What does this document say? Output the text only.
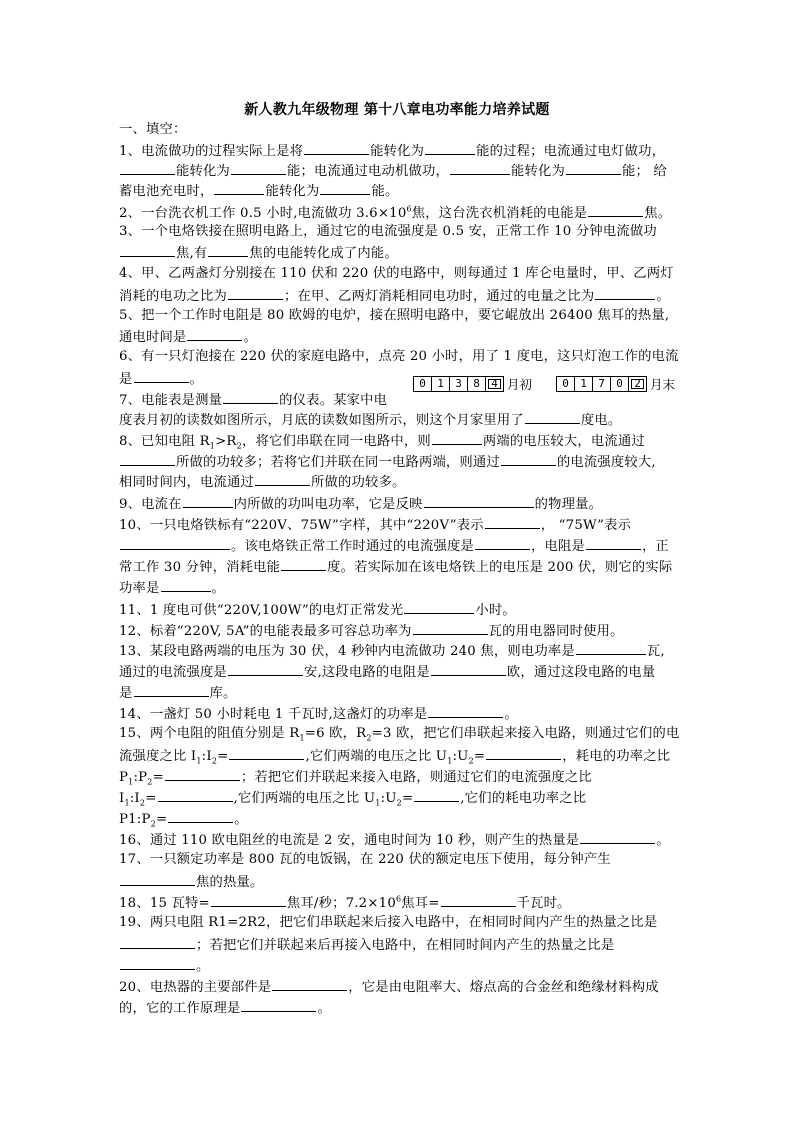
新人教九年级物理 第十八章电功率能力培养试题
一、填空：
1、电流做功的过程实际上是将	能转化为	能的过程；电流通过电灯做功，
能转化为	能；电流通过电动机做功，	能转化为	能； 给
蓄电池充电时，	能转化为	能。
2、一台洗衣机工作 0.5 小时,电流做功 $3.6\times 10^6$焦，这台洗衣机消耗的电能是	焦。
3、一个电烙铁接在照明电路上，通过它的电流强度是 0.5 安，正常工作 10 分钟电流做功
焦,有	焦的电能转化成了内能。
4、甲、乙两盏灯分别接在 110 伏和 220 伏的电路中，则每通过 1 库仑电量时，甲、乙两灯
消耗的电功之比为	；在甲、乙两灯消耗相同电功时，通过的电量之比为	。
5、把一个工作时电阻是 80 欧姆的电炉，接在照明电路中，要它崐放出 26400 焦耳的热量,
通电时间是	。
6、有一只灯泡接在 220 伏的家庭电路中，点亮 20 小时，用了 1 度电，这只灯泡工作的电流
是	。	0	1	3	8	4 月初	0	1	7	0	2 月末
7、电能表是测量	的仪表。某家中电
度表月初的读数如图所示，月底的读数如图所示，则这个月家里用了	度电。
8、已知电阻 $R_1>R_2$，将它们串联在同一电路中，则	两端的电压较大，电流通过
所做的功较多；若将它们并联在同一电路两端，则通过	的电流强度较大,
相同时间内，电流通过	所做的功较多。
9、电流在	内所做的功叫电功率，它是反映	的物理量。
10、一只电烙铁标有“220V、75W”字样，其中“220V”表示	， “75W”表示
。该电烙铁正常工作时通过的电流强度是	，电阻是	，正
常工作 30 分钟，消耗电能	度。若实际加在该电烙铁上的电压是 200 伏，则它的实际
功率是	。
11、1 度电可供“220V,100W”的电灯正常发光	小时。
12、标着“220V, 5A”的电能表最多可容总功率为	瓦的用电器同时使用。
13、某段电路两端的电压为 30 伏，4 秒钟内电流做功 240 焦，则电功率是	瓦,
通过的电流强度是	安,这段电路的电阻是	欧，通过这段电路的电量
是	库。
14、一盏灯 50 小时耗电 1 千瓦时,这盏灯的功率是	。
15、两个电阻的阻值分别是 $R_1=6$ 欧，$R_2=3$ 欧，把它们串联起来接入电路，则通过它们的电
流强度之比 $I_1:I_2=$	,它们两端的电压之比 $U_1:U_2=$	，耗电的功率之比
$P_1:P_2=$	；若把它们并联起来接入电路，则通过它们的电流强度之比
$I_1:I_2=$	,它们两端的电压之比 $U_1:U_2=$	,它们的耗电功率之比
$P1:P_2=$	。
16、通过 110 欧电阻丝的电流是 2 安，通电时间为 10 秒，则产生的热量是	。
17、一只额定功率是 800 瓦的电饭锅，在 220 伏的额定电压下使用，每分钟产生
焦的热量。
18、15 瓦特=	焦耳/秒；$7.2\times 10^6$焦耳=	千瓦时。
19、两只电阻 R1=2R2，把它们串联起来后接入电路中，在相同时间内产生的热量之比是
；若把它们并联起来后再接入电路中，在相同时间内产生的热量之比是
。
20、电热器的主要部件是	，它是由电阻率大、熔点高的合金丝和绝缘材料构成
的，它的工作原理是	。
